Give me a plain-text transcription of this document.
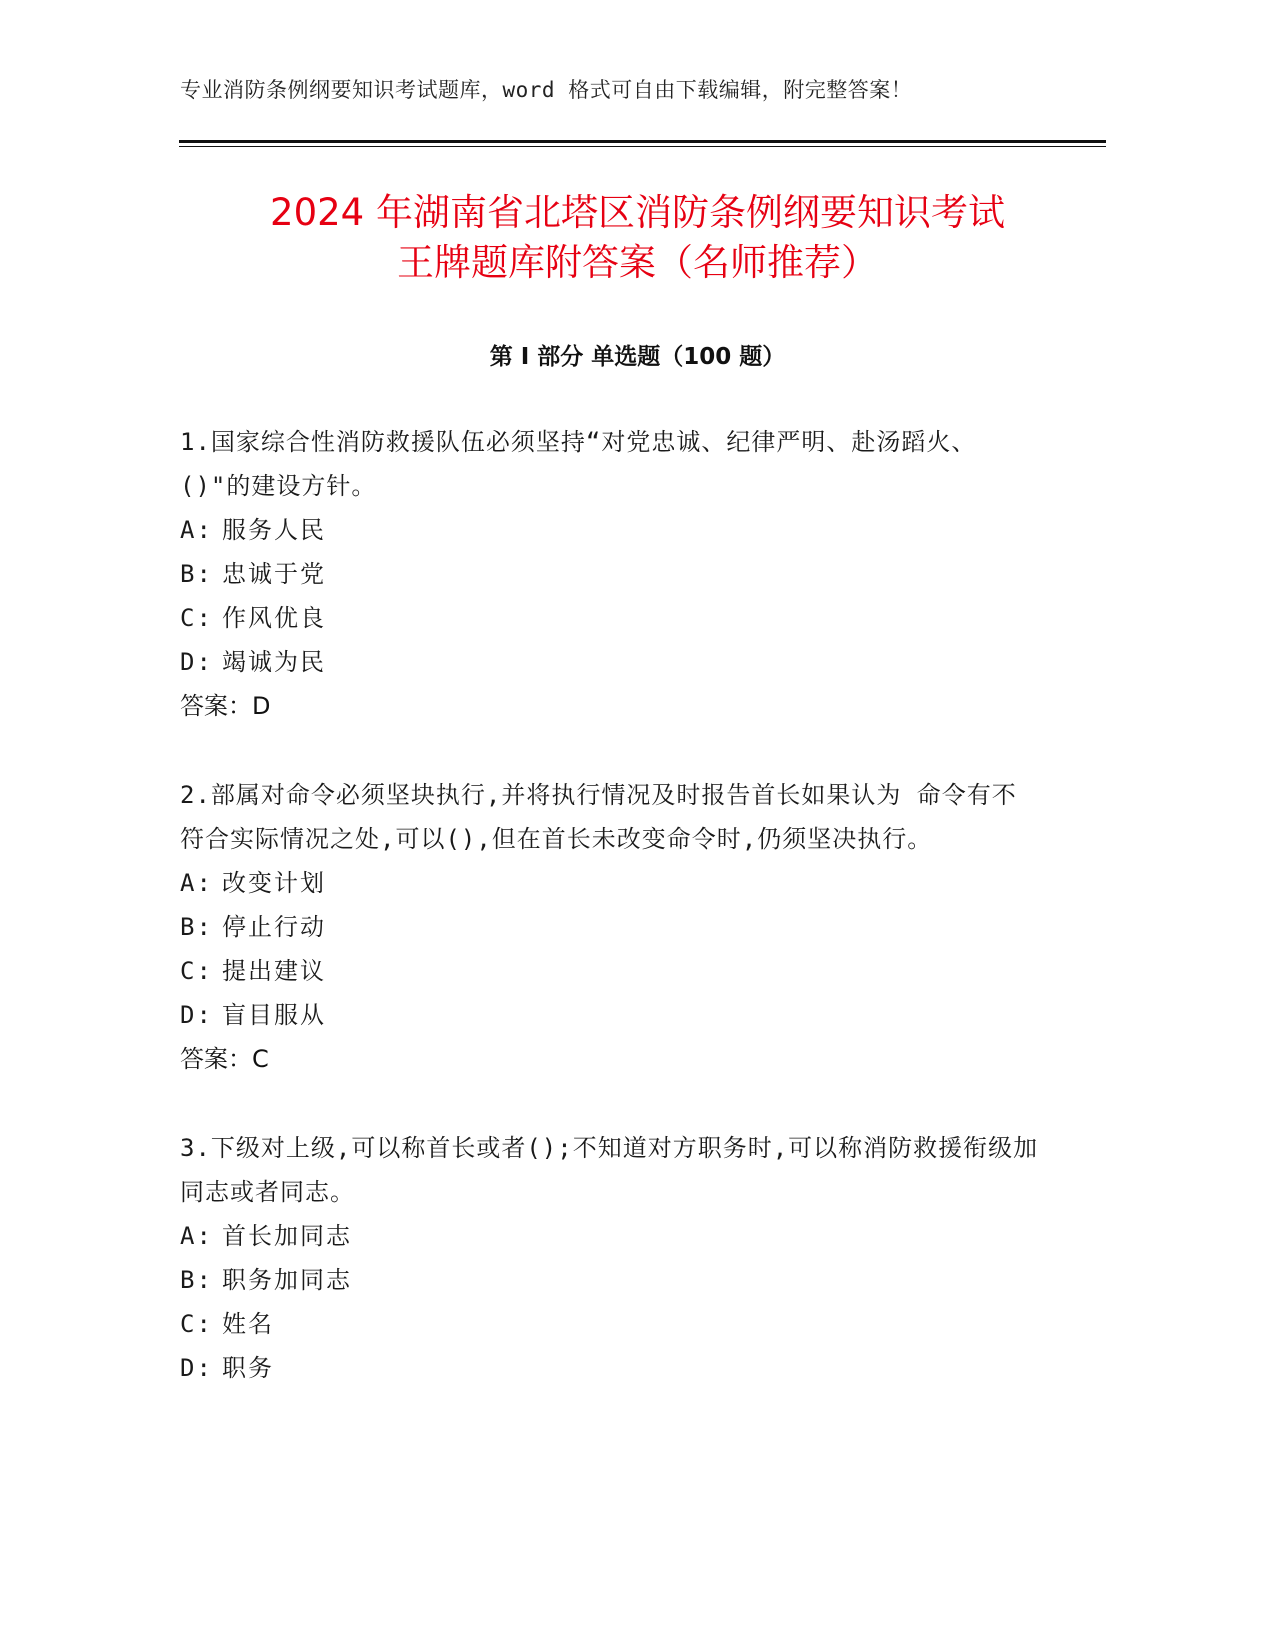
专业消防条例纲要知识考试题库，word 格式可自由下载编辑，附完整答案！
2024 年湖南省北塔区消防条例纲要知识考试
王牌题库附答案（名师推荐）
第 I 部分 单选题（100 题）

1.国家综合性消防救援队伍必须坚持“对党忠诚、纪律严明、赴汤蹈火、()"的建设方针。

A: 服务人民
B: 忠诚于党
C: 作风优良
D: 竭诚为民
答案：D

2.部属对命令必须坚块执行,并将执行情况及时报告首长如果认为 命令有不符合实际情况之处,可以(),但在首长未改变命令时,仍须坚决执行。

A: 改变计划
B: 停止行动
C: 提出建议
D: 盲目服从
答案：C

3.下级对上级,可以称首长或者();不知道对方职务时,可以称消防救援衔级加同志或者同志。

A: 首长加同志
B: 职务加同志
C: 姓名
D: 职务
